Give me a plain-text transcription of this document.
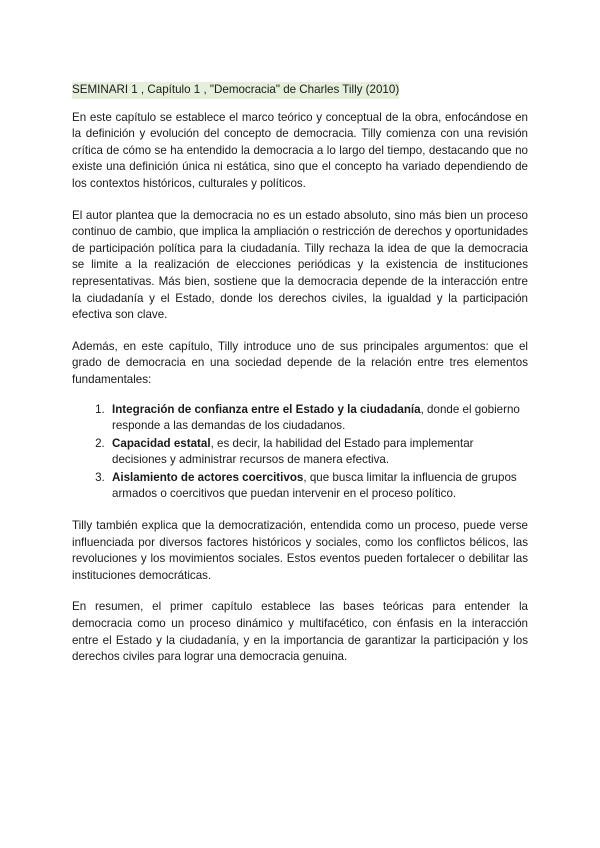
SEMINARI 1 , Capítulo 1 , "Democracia" de Charles Tilly (2010)

En este capítulo se establece el marco teórico y conceptual de la obra, enfocándose en la definición y evolución del concepto de democracia. Tilly comienza con una revisión crítica de cómo se ha entendido la democracia a lo largo del tiempo, destacando que no existe una definición única ni estática, sino que el concepto ha variado dependiendo de los contextos históricos, culturales y políticos.

El autor plantea que la democracia no es un estado absoluto, sino más bien un proceso continuo de cambio, que implica la ampliación o restricción de derechos y oportunidades de participación política para la ciudadanía. Tilly rechaza la idea de que la democracia se limite a la realización de elecciones periódicas y la existencia de instituciones representativas. Más bien, sostiene que la democracia depende de la interacción entre la ciudadanía y el Estado, donde los derechos civiles, la igualdad y la participación efectiva son clave.

Además, en este capítulo, Tilly introduce uno de sus principales argumentos: que el grado de democracia en una sociedad depende de la relación entre tres elementos fundamentales:

1. Integración de confianza entre el Estado y la ciudadanía, donde el gobierno responde a las demandas de los ciudadanos.
2. Capacidad estatal, es decir, la habilidad del Estado para implementar decisiones y administrar recursos de manera efectiva.
3. Aislamiento de actores coercitivos, que busca limitar la influencia de grupos armados o coercitivos que puedan intervenir en el proceso político.

Tilly también explica que la democratización, entendida como un proceso, puede verse influenciada por diversos factores históricos y sociales, como los conflictos bélicos, las revoluciones y los movimientos sociales. Estos eventos pueden fortalecer o debilitar las instituciones democráticas.

En resumen, el primer capítulo establece las bases teóricas para entender la democracia como un proceso dinámico y multifacético, con énfasis en la interacción entre el Estado y la ciudadanía, y en la importancia de garantizar la participación y los derechos civiles para lograr una democracia genuina.
